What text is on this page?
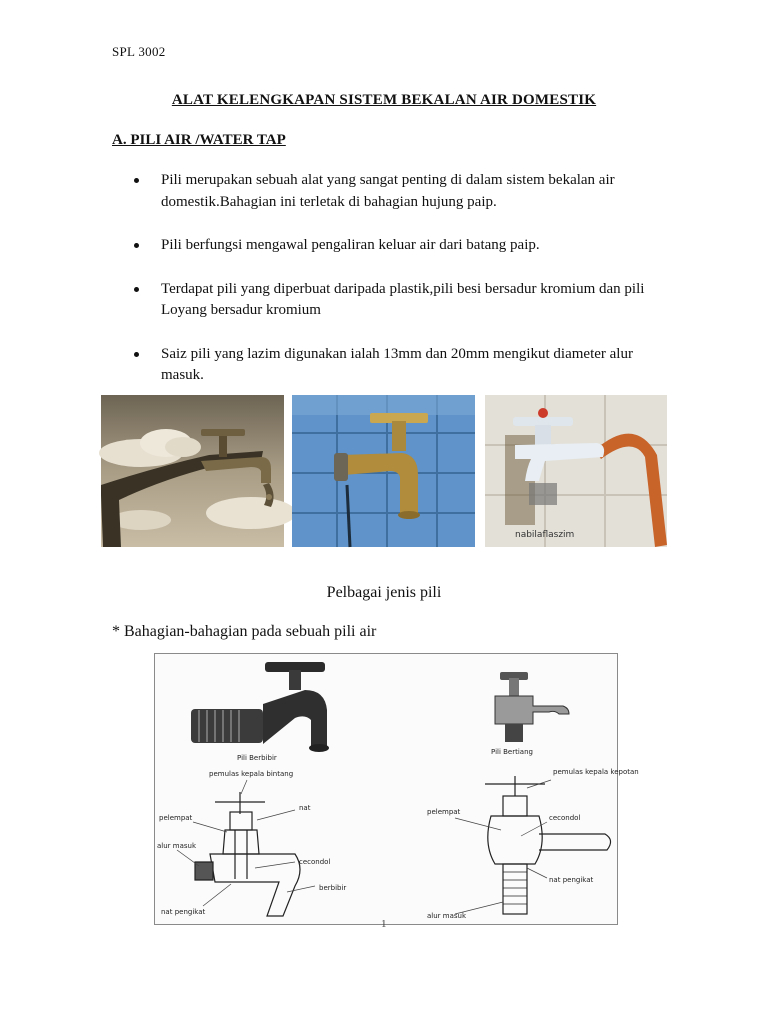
SPL 3002
ALAT KELENGKAPAN SISTEM BEKALAN AIR DOMESTIK
A. PILI AIR /WATER TAP
Pili merupakan sebuah alat yang sangat penting di dalam sistem bekalan air domestik.Bahagian ini terletak di bahagian hujung paip.
Pili berfungsi mengawal pengaliran keluar air dari batang paip.
Terdapat pili yang diperbuat daripada plastik,pili besi bersadur kromium dan pili Loyang bersadur kromium
Saiz pili yang lazim digunakan ialah 13mm dan 20mm mengikut diameter alur masuk.
nabilaflaszim
Pelbagai jenis pili
* Bahagian-bahagian pada sebuah pili air
Pili Berbibir
Pili Bertiang
pemulas kepala bintang
pelempat
nat
alur masuk
cecondol
berbibir
nat pengikat
pemulas kepala kepotan
pelempat
cecondol
nat pengikat
alur masuk
1
